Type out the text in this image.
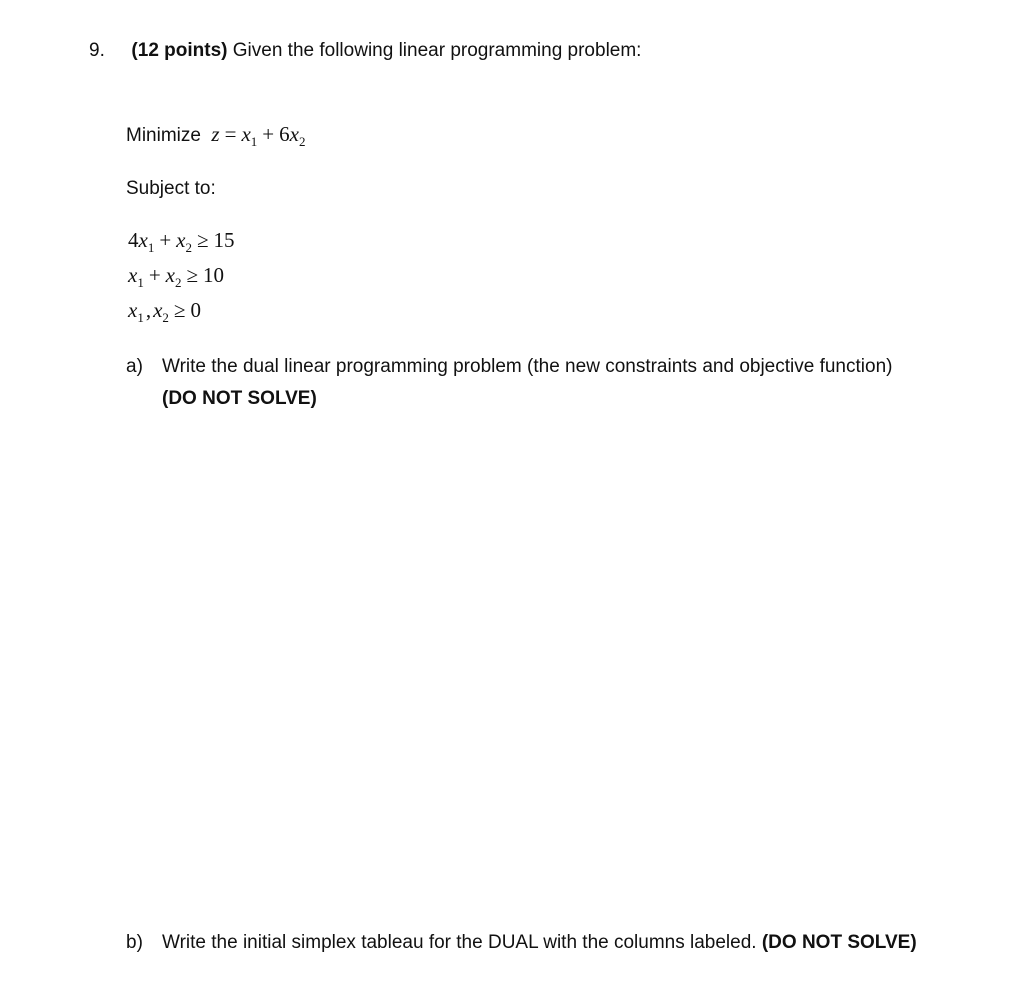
9. (12 points) Given the following linear programming problem:
Minimize $z = x_1 + 6x_2$
Subject to:
$4x_1 + x_2 \ge 15$
$x_1 + x_2 \ge 10$
$x_1,x_2 \ge 0$
a) Write the dual linear programming problem (the new constraints and objective function)
(DO NOT SOLVE)
b) Write the initial simplex tableau for the DUAL with the columns labeled. (DO NOT SOLVE)
